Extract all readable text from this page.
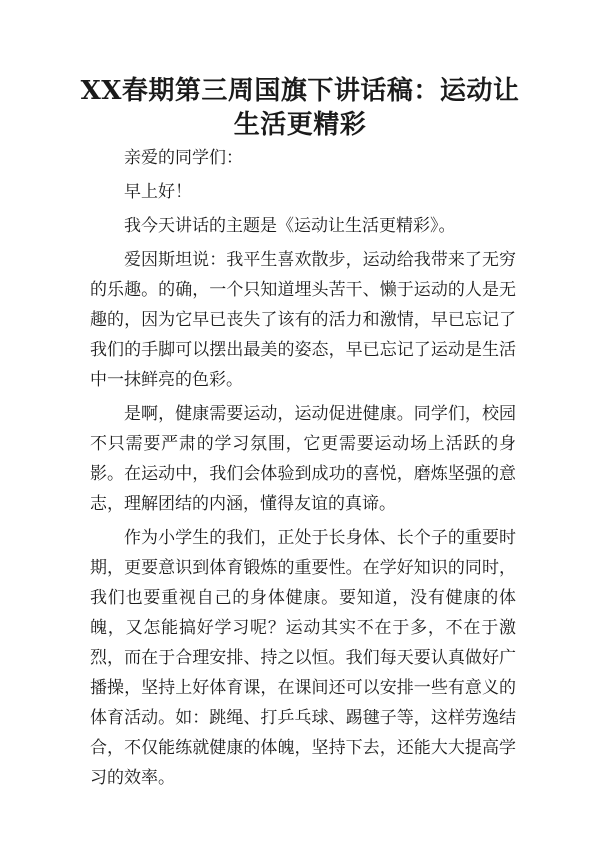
XX春期第三周国旗下讲话稿：运动让生活更精彩

亲爱的同学们：

早上好！

我今天讲话的主题是《运动让生活更精彩》。

爱因斯坦说：我平生喜欢散步，运动给我带来了无穷的乐趣。的确，一个只知道埋头苦干、懒于运动的人是无趣的，因为它早已丧失了该有的活力和激情，早已忘记了我们的手脚可以摆出最美的姿态，早已忘记了运动是生活中一抹鲜亮的色彩。

是啊，健康需要运动，运动促进健康。同学们，校园不只需要严肃的学习氛围，它更需要运动场上活跃的身影。在运动中，我们会体验到成功的喜悦，磨炼坚强的意志，理解团结的内涵，懂得友谊的真谛。

作为小学生的我们，正处于长身体、长个子的重要时期，更要意识到体育锻炼的重要性。在学好知识的同时，我们也要重视自己的身体健康。要知道，没有健康的体魄，又怎能搞好学习呢？运动其实不在于多，不在于激烈，而在于合理安排、持之以恒。我们每天要认真做好广播操，坚持上好体育课，在课间还可以安排一些有意义的体育活动。如：跳绳、打乒乓球、踢毽子等，这样劳逸结合，不仅能练就健康的体魄，坚持下去，还能大大提高学习的效率。
